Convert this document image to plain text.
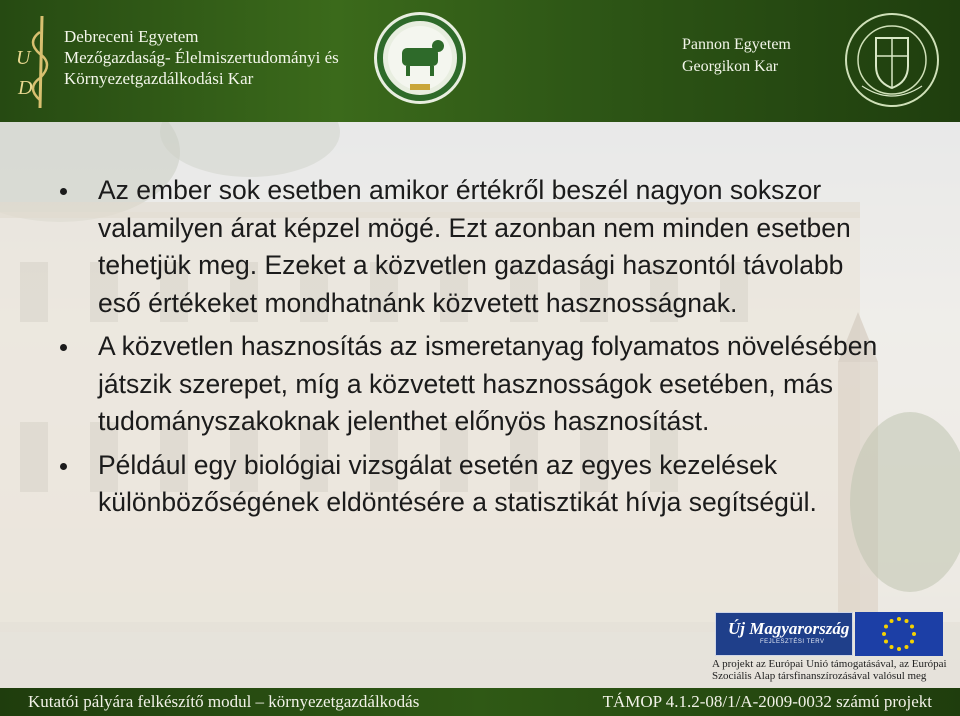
U
D
Debreceni Egyetem
Mezőgazdaság- Élelmiszertudományi és
Környezetgazdálkodási Kar
Pannon Egyetem
Georgikon Kar
Az ember sok esetben amikor értékről beszél nagyon sokszor valamilyen árat képzel mögé. Ezt azonban nem minden esetben tehetjük meg. Ezeket a közvetlen gazdasági haszontól távolabb eső értékeket mondhatnánk közvetett hasznosságnak.
A közvetlen hasznosítás az ismeretanyag folyamatos növelésében játszik szerepet, míg a közvetett hasznosságok esetében, más tudományszakoknak jelenthet előnyös hasznosítást.
Például egy biológiai vizsgálat esetén az egyes kezelések különbözőségének eldöntésére a statisztikát hívja segítségül.
Új Magyarország
FEJLESZTÉSI TERV
A projekt az Európai Unió támogatásával, az Európai
Szociális Alap társfinanszírozásával valósul meg
Kutatói pályára felkészítő modul – környezetgazdálkodás	TÁMOP 4.1.2-08/1/A-2009-0032 számú projekt
